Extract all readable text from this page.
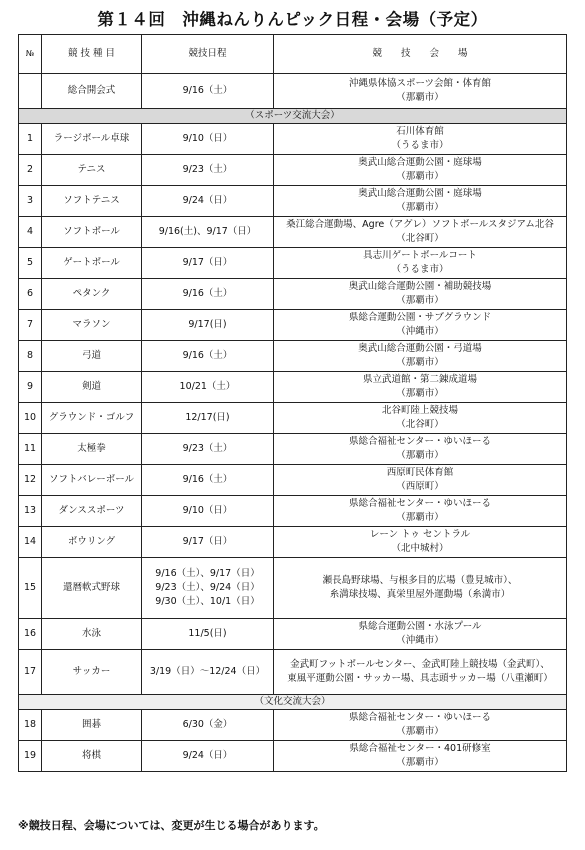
第１４回　沖縄ねんりんピック日程・会場（予定）
№	競 技 種 目	競技日程	競　　技　　会　　場
	総合開会式	9/16（土）	沖縄県体協スポーツ会館・体育館
（那覇市）

（スポーツ交流大会）			
1	ラージボール卓球	9/10（日）	石川体育館
（うるま市）

2	テニス	9/23（土）	奥武山総合運動公園・庭球場
（那覇市）

3	ソフトテニス	9/24（日）	奥武山総合運動公園・庭球場
（那覇市）

4	ソフトボール	9/16(土)、9/17（日）	桑江総合運動場、Agre（アグレ）ソフトボールスタジアム北谷
（北谷町）

5	ゲートボール	9/17（日）	具志川ゲートボールコート
（うるま市）

6	ペタンク	9/16（土）	奥武山総合運動公園・補助競技場
（那覇市）

7	マラソン	9/17(日)	県総合運動公園・サブグラウンド
（沖縄市）

8	弓道	9/16（土）	奥武山総合運動公園・弓道場
（那覇市）

9	剣道	10/21（土）	県立武道館・第二錬成道場
（那覇市）

10	グラウンド・ゴルフ	12/17(日)	北谷町陸上競技場
（北谷町）

11	太極拳	9/23（土）	県総合福祉センター・ゆいほーる
（那覇市）

12	ソフトバレーボール	9/16（土）	西原町民体育館
（西原町）

13	ダンススポーツ	9/10（日）	県総合福祉センター・ゆいほーる
（那覇市）

14	ボウリング	9/17（日）	レーン トゥ セントラル
（北中城村）

15	還暦軟式野球	9/16（土）、9/17（日）
9/23（土）、9/24（日）
9/30（土）、10/1（日）	瀬長島野球場、与根多目的広場（豊見城市）、
糸満球技場、真栄里屋外運動場（糸満市）

16	水泳	11/5(日)	県総合運動公園・水泳プール
（沖縄市）

17	サッカー	3/19（日）～12/24（日）	金武町フットボールセンター、金武町陸上競技場（金武町）、
東風平運動公園・サッカー場、具志頭サッカー場（八重瀬町）

（文化交流大会）			
18	囲碁	6/30（金）	県総合福祉センター・ゆいほーる
（那覇市）

19	将棋	9/24（日）	県総合福祉センター・401研修室
（那覇市）
※競技日程、会場については、変更が生じる場合があります。
